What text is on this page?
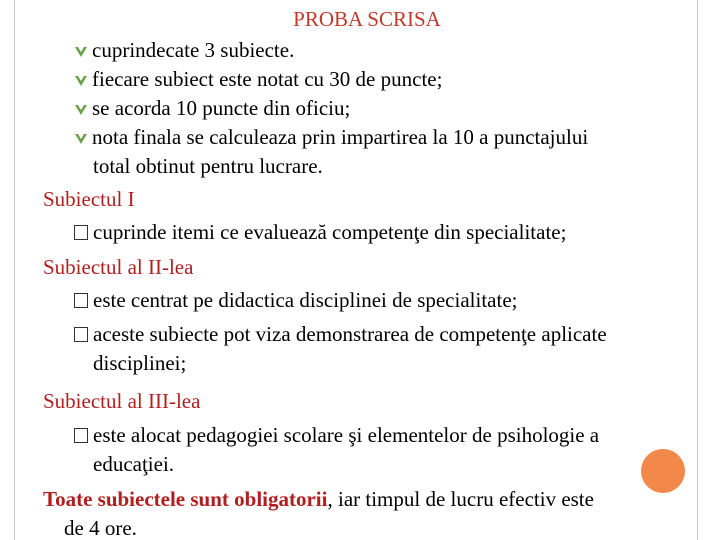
PROBA SCRISA
cuprindecate 3 subiecte.
fiecare subiect este notat cu 30 de puncte;
se acorda 10 puncte din oficiu;
nota finala se calculeaza prin impartirea la 10 a punctajului
total obtinut pentru lucrare.
Subiectul I
cuprinde itemi ce evaluează competenţe din specialitate;
Subiectul al II-lea
este centrat pe didactica disciplinei de specialitate;
aceste subiecte pot viza demonstrarea de competenţe aplicate
disciplinei;
Subiectul al III-lea
este alocat pedagogiei scolare şi elementelor de psihologie a
educaţiei.
Toate subiectele sunt obligatorii, iar timpul de lucru efectiv este
de 4 ore.
